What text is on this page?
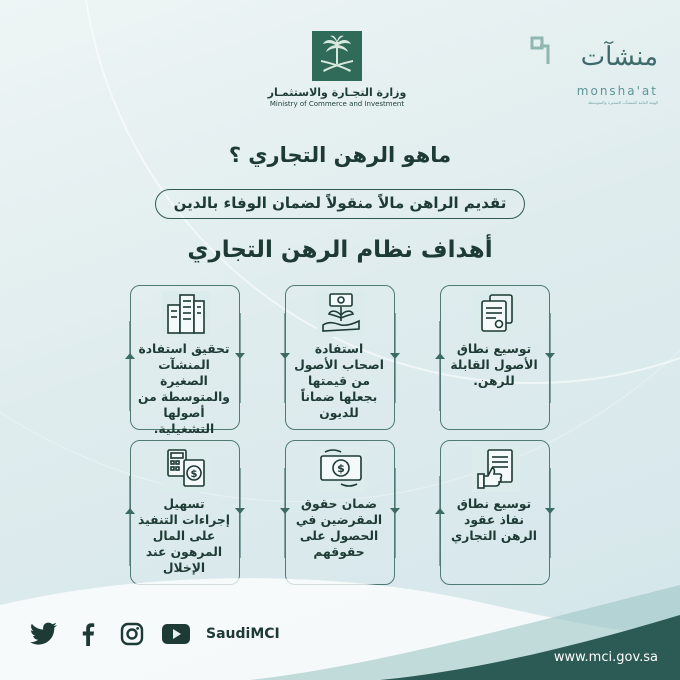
وزارة التجـارة والاستثمـار
Ministry of Commerce and Investment
منشآت
monsha'at
الهيئة العامة للمنشآت الصغيرة والمتوسطة
ماهو الرهن التجاري ؟
تقديم الراهن مالاً منقولاً لضمان الوفاء بالدين
أهداف نظام الرهن التجاري
توسيع نطاق الأصول القابلة للرهن.
استفادة اصحاب الأصول من قيمتها بجعلها ضماناً للديون
تحقيق استفادة المنشآت الصغيرة والمتوسطة من أصولها التشغيلية.
توسيع نطاق نفاذ عقود الرهن التجاري
$
ضمان حقوق المقرضين في الحصول على حقوقهم
$
تسهيل إجراءات التنفيذ على المال المرهون عند الإخلال
SaudiMCI
www.mci.gov.sa
